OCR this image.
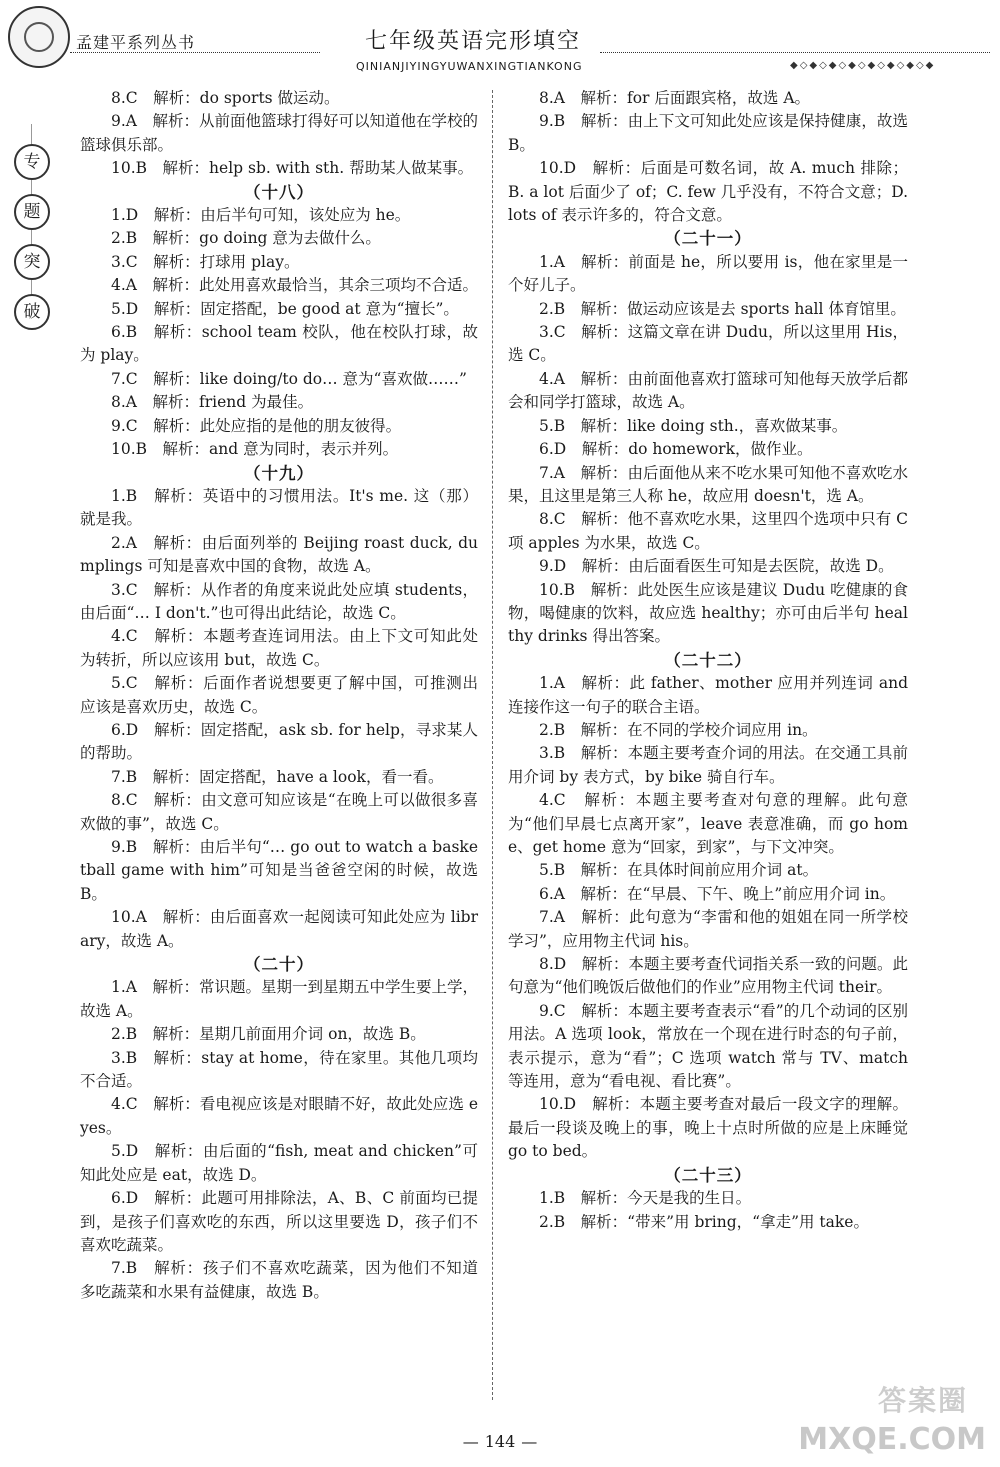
孟建平系列丛书	七年级英语完形填空
QINIANJIYINGYUWANXINGTIANKONG	◆◇◆◇◆◇◆◇◆◇◆◇◆◇◆
专
题
突
破

8.C　解析：do sports 做运动。

9.A　解析：从前面他篮球打得好可以知道他在学校的篮球俱乐部。

10.B　解析：help sb. with sth. 帮助某人做某事。

（十八）

1.D　解析：由后半句可知，该处应为 he。

2.B　解析：go doing 意为去做什么。

3.C　解析：打球用 play。

4.A　解析：此处用喜欢最恰当，其余三项均不合适。

5.D　解析：固定搭配，be good at 意为“擅长”。

6.B　解析：school team 校队，他在校队打球，故为 play。

7.C　解析：like doing/to do… 意为“喜欢做……”

8.A　解析：friend 为最佳。

9.C　解析：此处应指的是他的朋友彼得。

10.B　解析：and 意为同时，表示并列。

（十九）

1.B　解析：英语中的习惯用法。It's me. 这（那）就是我。

2.A　解析：由后面列举的 Beijing roast duck, dumplings 可知是喜欢中国的食物，故选 A。

3.C　解析：从作者的角度来说此处应填 students，由后面“… I don't.”也可得出此结论，故选 C。

4.C　解析：本题考查连词用法。由上下文可知此处为转折，所以应该用 but，故选 C。

5.C　解析：后面作者说想要更了解中国，可推测出应该是喜欢历史，故选 C。

6.D　解析：固定搭配，ask sb. for help，寻求某人的帮助。

7.B　解析：固定搭配，have a look，看一看。

8.C　解析：由文意可知应该是“在晚上可以做很多喜欢做的事”，故选 C。

9.B　解析：由后半句“… go out to watch a basketball game with him”可知是当爸爸空闲的时候，故选 B。

10.A　解析：由后面喜欢一起阅读可知此处应为 library，故选 A。

（二十）

1.A　解析：常识题。星期一到星期五中学生要上学，故选 A。

2.B　解析：星期几前面用介词 on，故选 B。

3.B　解析：stay at home，待在家里。其他几项均不合适。

4.C　解析：看电视应该是对眼睛不好，故此处应选 eyes。

5.D　解析：由后面的“fish, meat and chicken”可知此处应是 eat，故选 D。

6.D　解析：此题可用排除法，A、B、C 前面均已提到，是孩子们喜欢吃的东西，所以这里要选 D，孩子们不喜欢吃蔬菜。

7.B　解析：孩子们不喜欢吃蔬菜，因为他们不知道多吃蔬菜和水果有益健康，故选 B。

8.A　解析：for 后面跟宾格，故选 A。

9.B　解析：由上下文可知此处应该是保持健康，故选 B。

10.D　解析：后面是可数名词，故 A. much 排除；B. a lot 后面少了 of；C. few 几乎没有，不符合文意；D. lots of 表示许多的，符合文意。

（二十一）

1.A　解析：前面是 he，所以要用 is，他在家里是一个好儿子。

2.B　解析：做运动应该是去 sports hall 体育馆里。

3.C　解析：这篇文章在讲 Dudu，所以这里用 His，选 C。

4.A　解析：由前面他喜欢打篮球可知他每天放学后都会和同学打篮球，故选 A。

5.B　解析：like doing sth.，喜欢做某事。

6.D　解析：do homework，做作业。

7.A　解析：由后面他从来不吃水果可知他不喜欢吃水果，且这里是第三人称 he，故应用 doesn't，选 A。

8.C　解析：他不喜欢吃水果，这里四个选项中只有 C 项 apples 为水果，故选 C。

9.D　解析：由后面看医生可知是去医院，故选 D。

10.B　解析：此处医生应该是建议 Dudu 吃健康的食物，喝健康的饮料，故应选 healthy；亦可由后半句 healthy drinks 得出答案。

（二十二）

1.A　解析：此 father、mother 应用并列连词 and 连接作这一句子的联合主语。

2.B　解析：在不同的学校介词应用 in。

3.B　解析：本题主要考查介词的用法。在交通工具前用介词 by 表方式，by bike 骑自行车。

4.C　解析：本题主要考查对句意的理解。此句意为“他们早晨七点离开家”，leave 表意准确，而 go home、get home 意为“回家，到家”，与下文冲突。

5.B　解析：在具体时间前应用介词 at。

6.A　解析：在“早晨、下午、晚上”前应用介词 in。

7.A　解析：此句意为“李雷和他的姐姐在同一所学校学习”，应用物主代词 his。

8.D　解析：本题主要考查代词指关系一致的问题。此句意为“他们晚饭后做他们的作业”应用物主代词 their。

9.C　解析：本题主要考查表示“看”的几个动词的区别用法。A 选项 look，常放在一个现在进行时态的句子前，表示提示，意为“看”；C 选项 watch 常与 TV、match 等连用，意为“看电视、看比赛”。

10.D　解析：本题主要考查对最后一段文字的理解。最后一段谈及晚上的事，晚上十点时所做的应是上床睡觉 go to bed。

（二十三）

1.B　解析：今天是我的生日。

2.B　解析：“带来”用 bring，“拿走”用 take。

— 144 —
答案圈
MXQE.COM
